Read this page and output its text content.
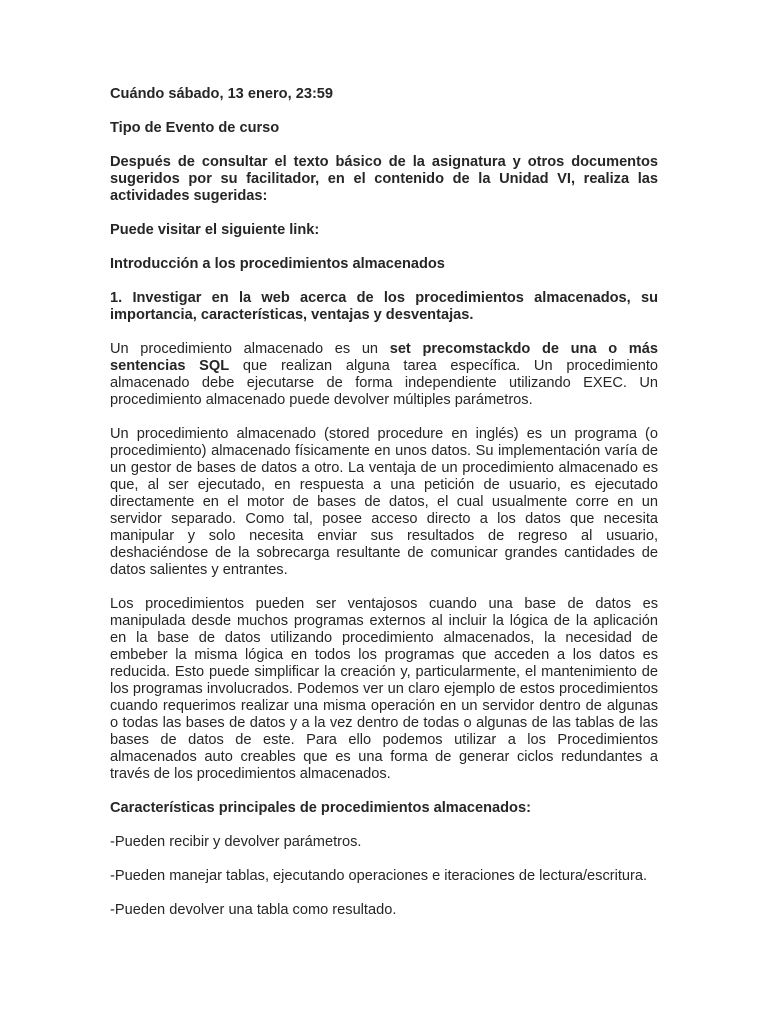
Cuándo sábado, 13 enero, 23:59

Tipo de Evento de curso

Después de consultar el texto básico de la asignatura y otros documentos sugeridos por su facilitador, en el contenido de la Unidad VI, realiza las actividades sugeridas:

Puede visitar el siguiente link:

Introducción a los procedimientos almacenados

1. Investigar en la web acerca de los procedimientos almacenados, su importancia, características, ventajas y desventajas.

Un procedimiento almacenado es un set precomstackdo de una o más sentencias SQL que realizan alguna tarea específica. Un procedimiento almacenado debe ejecutarse de forma independiente utilizando EXEC. Un procedimiento almacenado puede devolver múltiples parámetros.

Un procedimiento almacenado (stored procedure en inglés) es un programa (o procedimiento) almacenado físicamente en unos datos. Su implementación varía de un gestor de bases de datos a otro. La ventaja de un procedimiento almacenado es que, al ser ejecutado, en respuesta a una petición de usuario, es ejecutado directamente en el motor de bases de datos, el cual usualmente corre en un servidor separado. Como tal, posee acceso directo a los datos que necesita manipular y solo necesita enviar sus resultados de regreso al usuario, deshaciéndose de la sobrecarga resultante de comunicar grandes cantidades de datos salientes y entrantes.

Los procedimientos pueden ser ventajosos cuando una base de datos es manipulada desde muchos programas externos al incluir la lógica de la aplicación en la base de datos utilizando procedimiento almacenados, la necesidad de embeber la misma lógica en todos los programas que acceden a los datos es reducida. Esto puede simplificar la creación y, particularmente, el mantenimiento de los programas involucrados. Podemos ver un claro ejemplo de estos procedimientos cuando requerimos realizar una misma operación en un servidor dentro de algunas o todas las bases de datos y a la vez dentro de todas o algunas de las tablas de las bases de datos de este. Para ello podemos utilizar a los Procedimientos almacenados auto creables que es una forma de generar ciclos redundantes a través de los procedimientos almacenados.

Características principales de procedimientos almacenados:

-Pueden recibir y devolver parámetros.

-Pueden manejar tablas, ejecutando operaciones e iteraciones de lectura/escritura.

-Pueden devolver una tabla como resultado.
